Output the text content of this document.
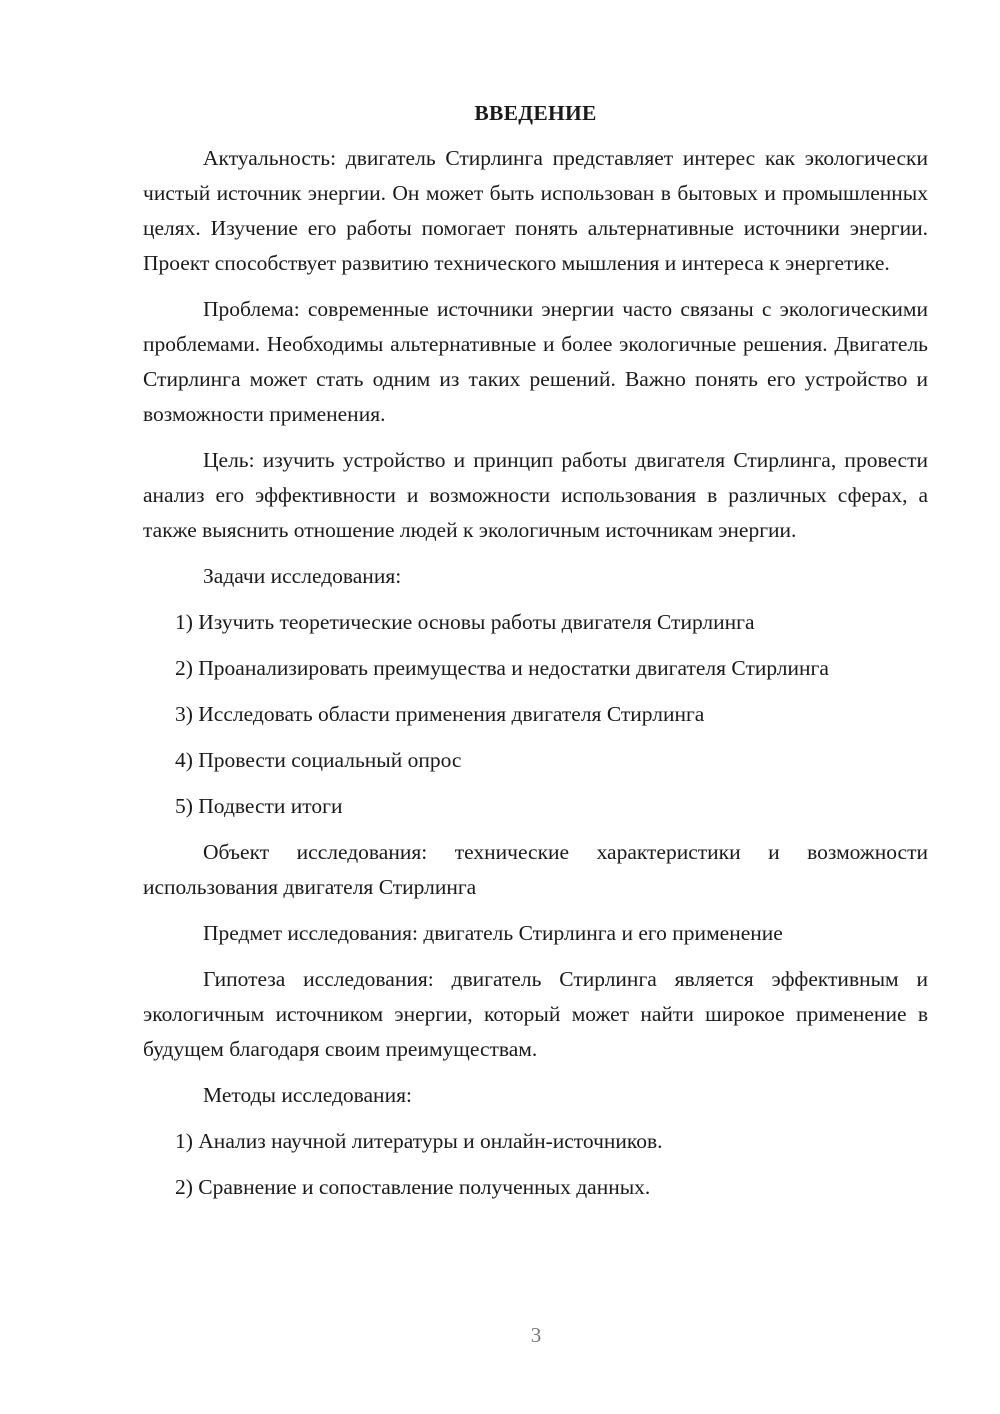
ВВЕДЕНИЕ

Актуальность: двигатель Стирлинга представляет интерес как экологически чистый источник энергии. Он может быть использован в бытовых и промышленных целях. Изучение его работы помогает понять альтернативные источники энергии. Проект способствует развитию технического мышления и интереса к энергетике.

Проблема: современные источники энергии часто связаны с экологическими проблемами. Необходимы альтернативные и более экологичные решения. Двигатель Стирлинга может стать одним из таких решений. Важно понять его устройство и возможности применения.

Цель: изучить устройство и принцип работы двигателя Стирлинга, провести анализ его эффективности и возможности использования в различных сферах, а также выяснить отношение людей к экологичным источникам энергии.

Задачи исследования:

1) Изучить теоретические основы работы двигателя Стирлинга

2) Проанализировать преимущества и недостатки двигателя Стирлинга

3) Исследовать области применения двигателя Стирлинга

4) Провести социальный опрос

5) Подвести итоги

Объект исследования: технические характеристики и возможности использования двигателя Стирлинга

Предмет исследования: двигатель Стирлинга и его применение

Гипотеза исследования: двигатель Стирлинга является эффективным и экологичным источником энергии, который может найти широкое применение в будущем благодаря своим преимуществам.

Методы исследования:

1) Анализ научной литературы и онлайн-источников.

2) Сравнение и сопоставление полученных данных.

3
